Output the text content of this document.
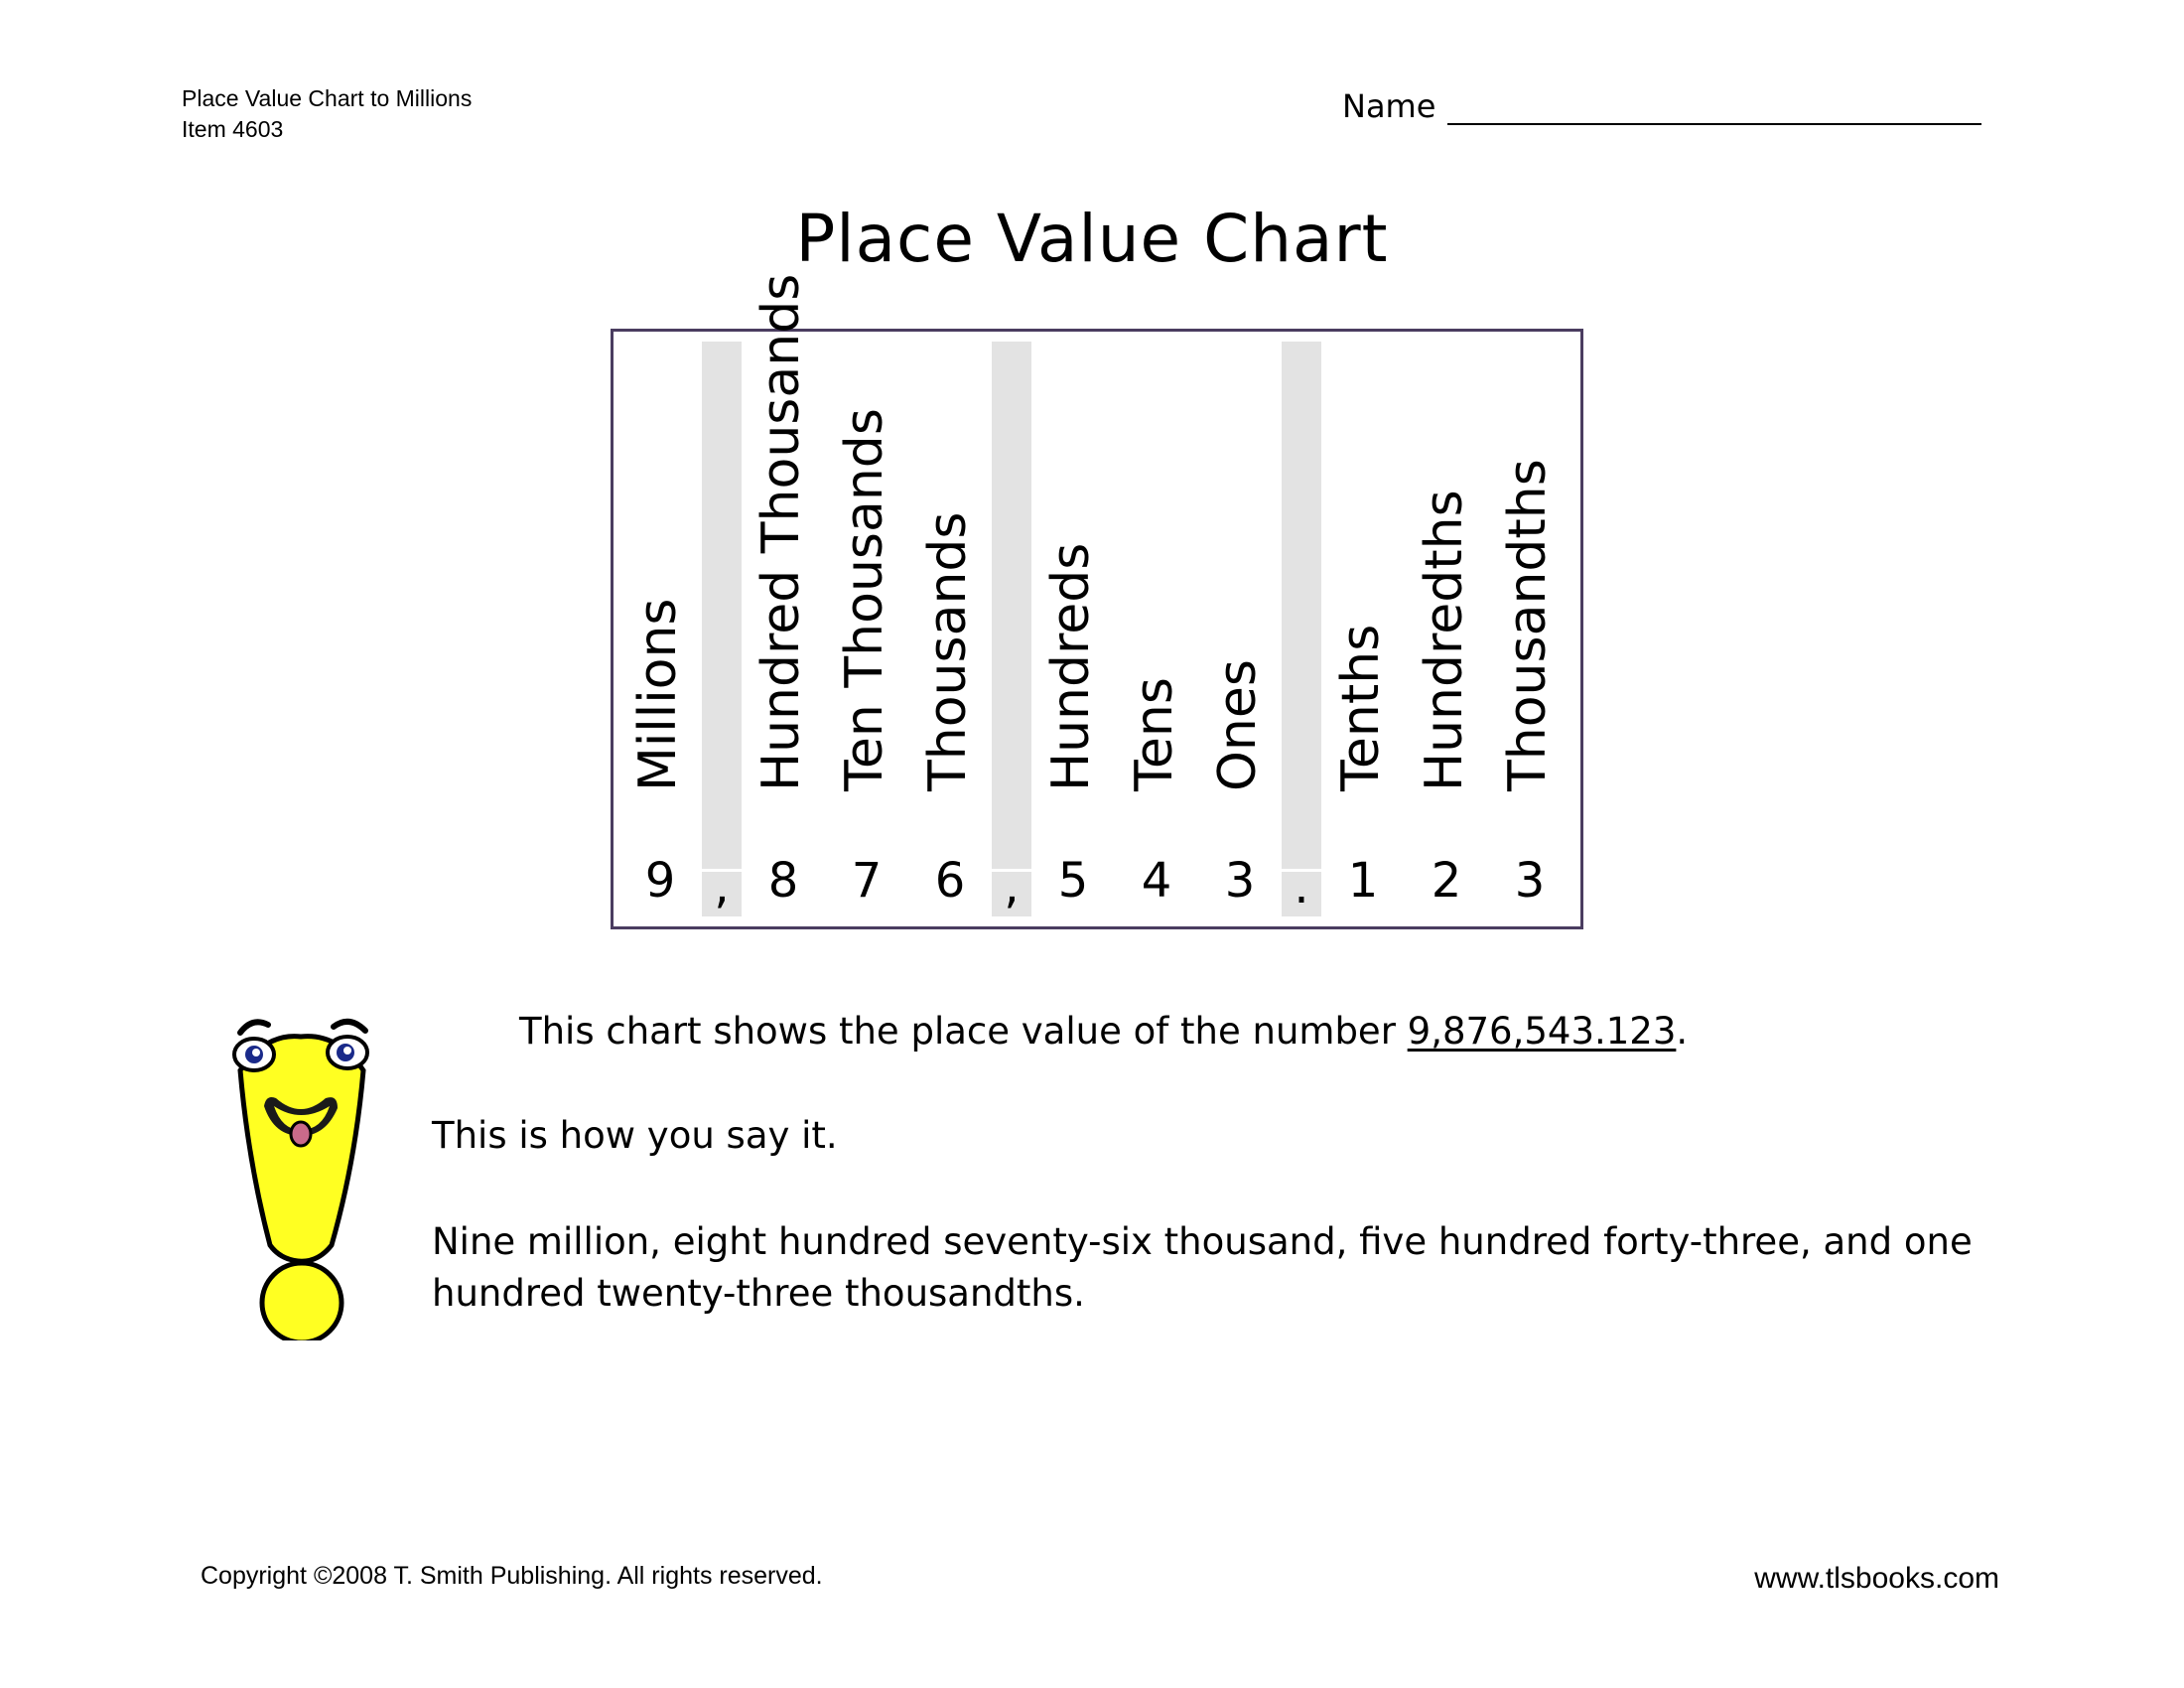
Place Value Chart to Millions
Item 4603
Name
Place Value Chart
Millions
9 ,
Hundred Thousands
8
Ten Thousands
7
Thousands
6 ,
Hundreds
5
Tens
4
Ones
3 .
Tenths
1
Hundredths
2
Thousandths
3
This chart shows the place value of the number 9,876,543.123.
This is how you say it.
Nine million, eight hundred seventy-six thousand, five hundred forty-three, and one hundred twenty-three thousandths.
Copyright ©2008 T. Smith Publishing. All rights reserved.	www.tlsbooks.com
